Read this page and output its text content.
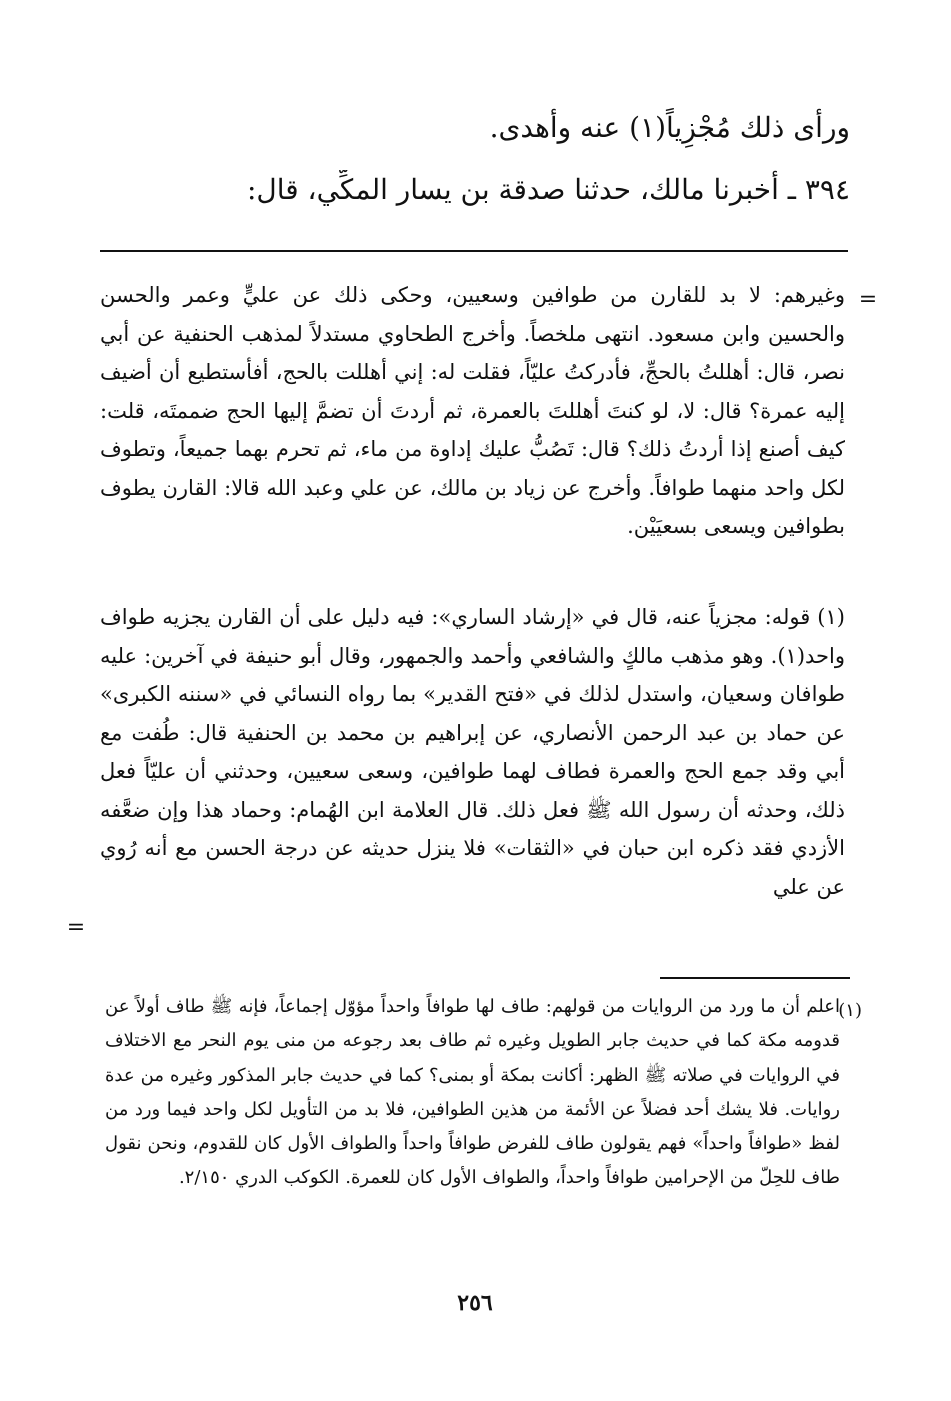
ورأى ذلك مُجْزِياً(١) عنه وأهدى.
٣٩٤ ـ أخبرنا مالك، حدثنا صدقة بن يسار المكِّي، قال:
=
وغيرهم: لا بد للقارن من طوافين وسعيين، وحكى ذلك عن عليٍّ وعمر والحسن والحسين وابن مسعود. انتهى ملخصاً. وأخرج الطحاوي مستدلاً لمذهب الحنفية عن أبي نصر، قال: أهللتُ بالحجِّ، فأدركتُ عليّاً، فقلت له: إني أهللت بالحج، أفأستطيع أن أضيف إليه عمرة؟ قال: لا، لو كنتَ أهللتَ بالعمرة، ثم أردتَ أن تضمَّ إليها الحج ضممتَه، قلت: كيف أصنع إذا أردتُ ذلك؟ قال: تَصُبُّ عليك إداوة من ماء، ثم تحرم بهما جميعاً، وتطوف لكل واحد منهما طوافاً. وأخرج عن زياد بن مالك، عن علي وعبد الله قالا: القارن يطوف بطوافين ويسعى بسعيَيْن.
(١) قوله: مجزياً عنه، قال في «إرشاد الساري»: فيه دليل على أن القارن يجزيه طواف واحد(١). وهو مذهب مالكٍ والشافعي وأحمد والجمهور، وقال أبو حنيفة في آخرين: عليه طوافان وسعيان، واستدل لذلك في «فتح القدير» بما رواه النسائي في «سننه الكبرى» عن حماد بن عبد الرحمن الأنصاري، عن إبراهيم بن محمد بن الحنفية قال: طُفت مع أبي وقد جمع الحج والعمرة فطاف لهما طوافين، وسعى سعيين، وحدثني أن عليّاً فعل ذلك، وحدثه أن رسول الله ﷺ فعل ذلك. قال العلامة ابن الهُمام: وحماد هذا وإن ضعَّفه الأزدي فقد ذكره ابن حبان في «الثقات» فلا ينزل حديثه عن درجة الحسن مع أنه رُوي عن علي
=
(١)
اعلم أن ما ورد من الروايات من قولهم: طاف لها طوافاً واحداً مؤوّل إجماعاً، فإنه ﷺ طاف أولاً عن قدومه مكة كما في حديث جابر الطويل وغيره ثم طاف بعد رجوعه من منى يوم النحر مع الاختلاف في الروايات في صلاته ﷺ الظهر: أكانت بمكة أو بمنى؟ كما في حديث جابر المذكور وغيره من عدة روايات. فلا يشك أحد فضلاً عن الأئمة من هذين الطوافين، فلا بد من التأويل لكل واحد فيما ورد من لفظ «طوافاً واحداً» فهم يقولون طاف للفرض طوافاً واحداً والطواف الأول كان للقدوم، ونحن نقول طاف للحِلّ من الإحرامين طوافاً واحداً، والطواف الأول كان للعمرة. الكوكب الدري ٢/١٥٠.
٢٥٦
